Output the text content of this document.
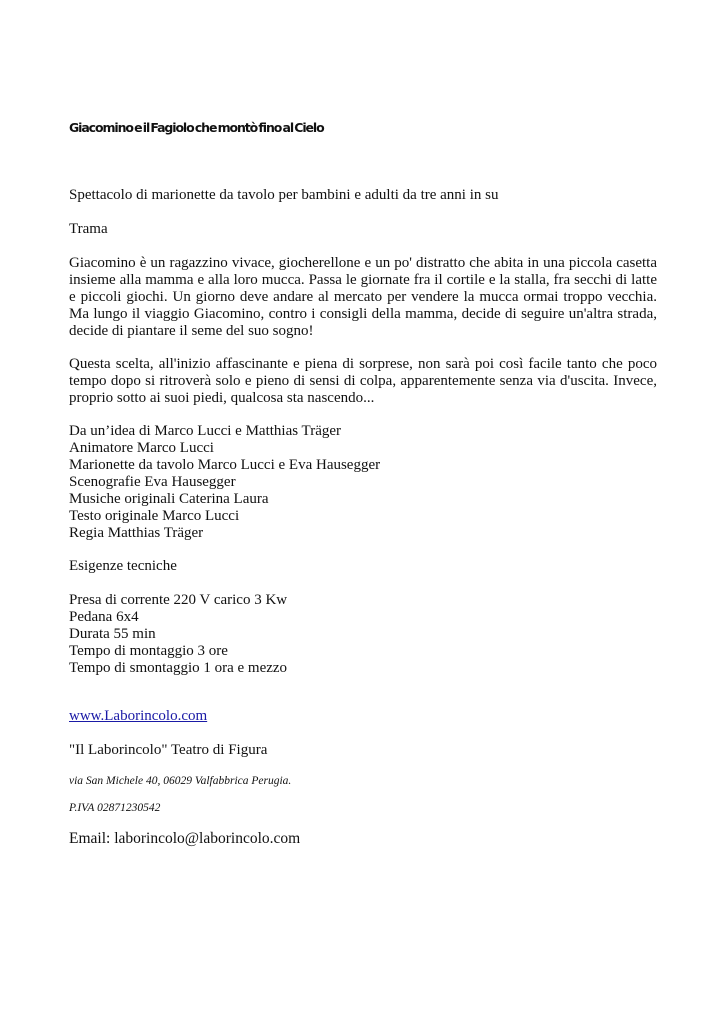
Giacomino e il Fagiolo che montò fino al Cielo
Spettacolo di marionette da tavolo per bambini e adulti da tre anni in su
Trama
Giacomino è un ragazzino vivace, giocherellone e un po' distratto che abita in una piccola casetta insieme alla mamma e alla loro mucca. Passa le giornate fra il cortile e la stalla, fra secchi di latte e piccoli giochi. Un giorno deve andare al mercato per vendere la mucca ormai troppo vecchia. Ma lungo il viaggio Giacomino, contro i consigli della mamma, decide di seguire un'altra strada, decide di piantare il seme del suo sogno!
Questa scelta, all'inizio affascinante e piena di sorprese, non sarà poi così facile tanto che poco tempo dopo si ritroverà solo e pieno di sensi di colpa, apparentemente senza via d'uscita. Invece, proprio sotto ai suoi piedi, qualcosa sta nascendo...
Da un’idea di Marco Lucci e Matthias Träger
Animatore Marco Lucci
Marionette da tavolo Marco Lucci e Eva Hausegger
Scenografie Eva Hausegger
Musiche originali Caterina Laura
Testo originale Marco Lucci
Regia Matthias Träger
Esigenze tecniche
Presa di corrente 220 V carico 3 Kw
Pedana 6x4
Durata 55 min
Tempo di montaggio 3 ore
Tempo di smontaggio 1 ora e mezzo
www.Laborincolo.com
"Il Laborincolo" Teatro di Figura
via San Michele 40, 06029 Valfabbrica Perugia.
P.IVA 02871230542
Email: laborincolo@laborincolo.com
